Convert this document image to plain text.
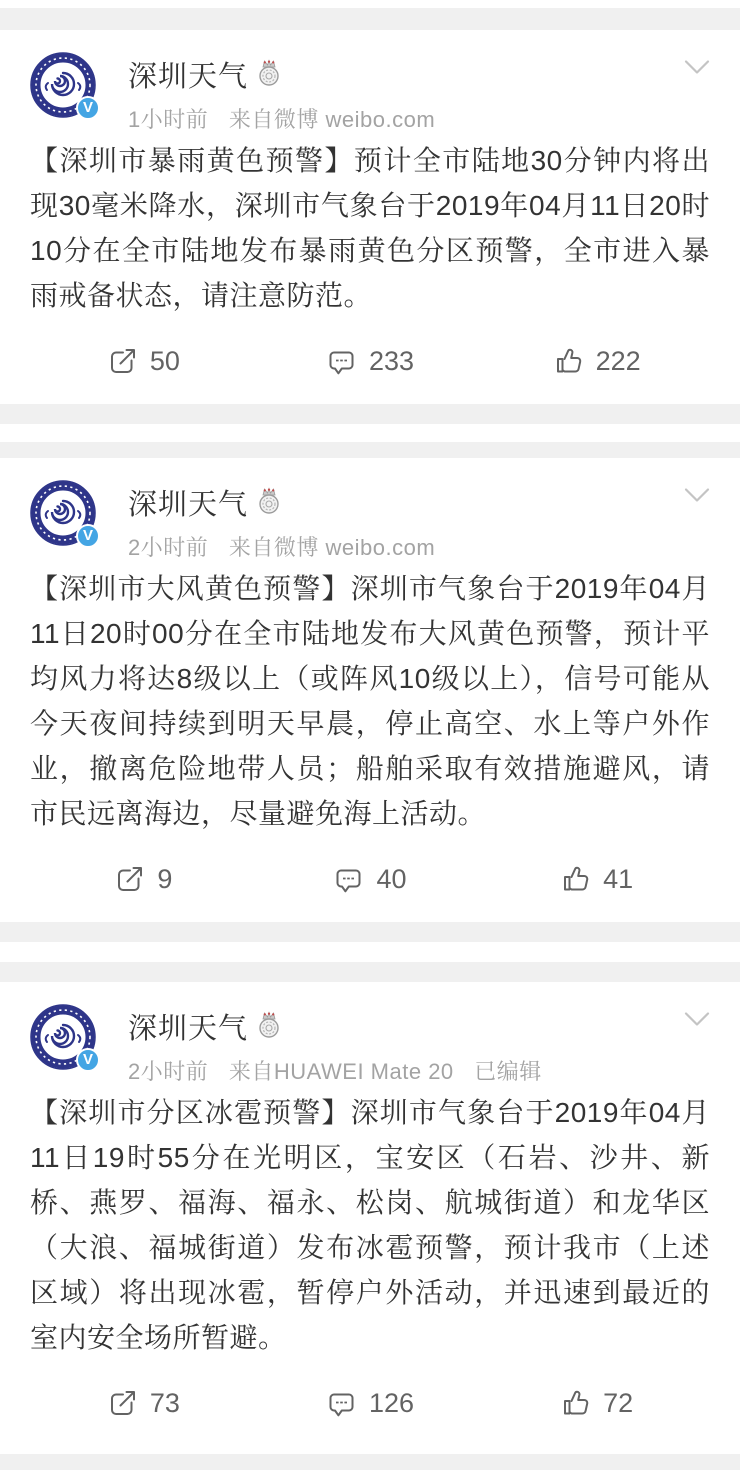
V
深圳天气
1小时前 来自微博 weibo.com
【深圳市暴雨黄色预警】预计全市陆地30分钟内将出现30毫米降水，深圳市气象台于2019年04月11日20时10分在全市陆地发布暴雨黄色分区预警，全市进入暴雨戒备状态，请注意防范。
50	233	222
V
深圳天气
2小时前 来自微博 weibo.com
【深圳市大风黄色预警】深圳市气象台于2019年04月11日20时00分在全市陆地发布大风黄色预警，预计平均风力将达8级以上（或阵风10级以上），信号可能从今天夜间持续到明天早晨，停止高空、水上等户外作业，撤离危险地带人员；船舶采取有效措施避风，请市民远离海边，尽量避免海上活动。
9	40	41
V
深圳天气
2小时前 来自HUAWEI Mate 20 已编辑
【深圳市分区冰雹预警】深圳市气象台于2019年04月11日19时55分在光明区，宝安区（石岩、沙井、新桥、燕罗、福海、福永、松岗、航城街道）和龙华区（大浪、福城街道）发布冰雹预警，预计我市（上述区域）将出现冰雹，暂停户外活动，并迅速到最近的室内安全场所暂避。
73	126	72
